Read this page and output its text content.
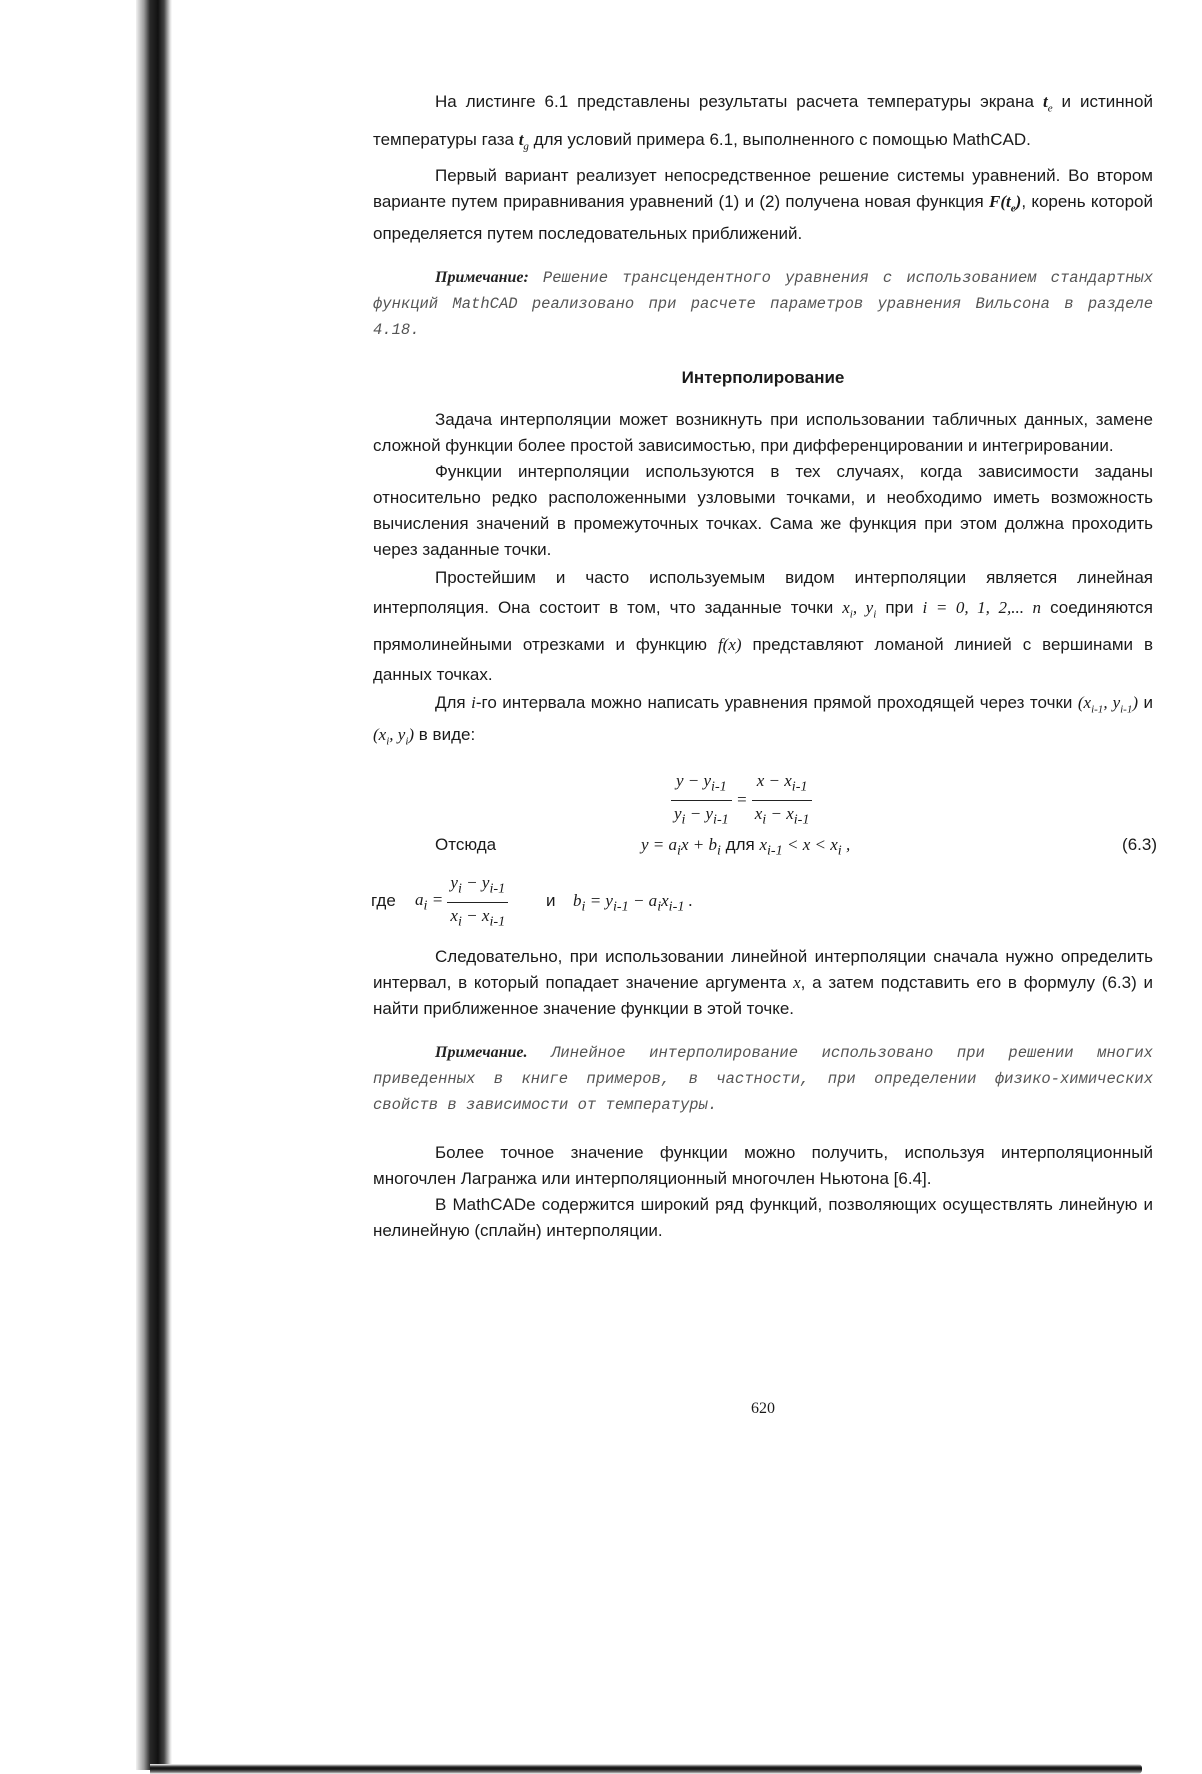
На листинге 6.1 представлены результаты расчета температуры экрана $t_e$ и истинной температуры газа $t_g$ для условий примера 6.1, выполненного с помощью MathCAD.

Первый вариант реализует непосредственное решение системы уравнений. Во втором варианте путем приравнивания уравнений (1) и (2) получена новая функция $F(t_e)$, корень которой определяется путем последовательных приближений.

Примечание: Решение трансцендентного уравнения с использованием стандартных функций MathCAD реализовано при расчете параметров уравнения Вильсона в разделе 4.18.

Интерполирование

Задача интерполяции может возникнуть при использовании табличных данных, замене сложной функции более простой зависимостью, при дифференцировании и интегрировании.

Функции интерполяции используются в тех случаях, когда зависимости заданы относительно редко расположенными узловыми точками, и необходимо иметь возможность вычисления значений в промежуточных точках. Сама же функция при этом должна проходить через заданные точки.

Простейшим и часто используемым видом интерполяции является линейная интерполяция. Она состоит в том, что заданные точки $x_i$, $y_i$ при i = 0, 1, 2,... n соединяются прямолинейными отрезками и функцию f(x) представляют ломаной линией с вершинами в данных точках.

Для i-го интервала можно написать уравнения прямой проходящей через точки ($x_{i-1}$, $y_{i-1}$) и ($x_i$, $y_i$) в виде:

$\frac{y - y_{i-1}}{y_i - y_{i-1}} = \frac{x - x_{i-1}}{x_i - x_{i-1}}$
Отсюда	$y = a_ix + b_i$ для $x_{i-1} < x < x_i$ ,	(6.3)
где $a_i = \frac{y_i - y_{i-1}}{x_i - x_{i-1}}$ и $b_i = y_{i-1} - a_ix_{i-1}$ .

Следовательно, при использовании линейной интерполяции сначала нужно определить интервал, в который попадает значение аргумента x, а затем подставить его в формулу (6.3) и найти приближенное значение функции в этой точке.

Примечание. Линейное интерполирование использовано при решении многих приведенных в книге примеров, в частности, при определении физико-химических свойств в зависимости от температуры.

Более точное значение функции можно получить, используя интерполяционный многочлен Лагранжа или интерполяционный многочлен Ньютона [6.4].

В MathCADе содержится широкий ряд функций, позволяющих осуществлять линейную и нелинейную (сплайн) интерполяции.

620
